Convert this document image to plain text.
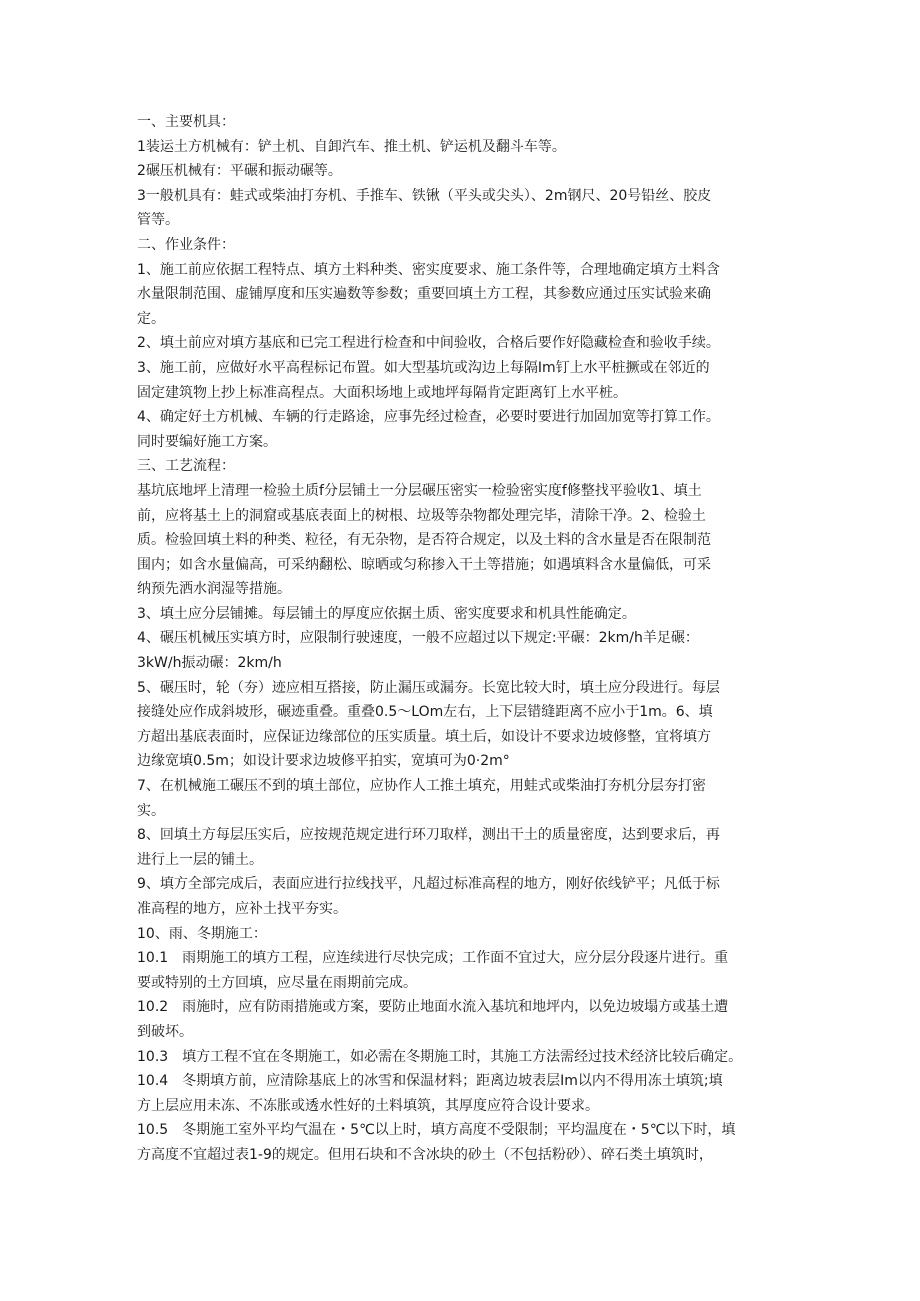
一、主要机具：
1装运土方机械有：铲土机、自卸汽车、推土机、铲运机及翻斗车等。
2碾压机械有：平碾和振动碾等。
3一般机具有：蛙式或柴油打夯机、手推车、铁锹（平头或尖头）、2m钢尺、20号铅丝、胶皮
管等。
二、作业条件：
1、施工前应依据工程特点、填方土料种类、密实度要求、施工条件等，合理地确定填方土料含
水量限制范围、虚铺厚度和压实遍数等参数；重要回填土方工程，其参数应通过压实试验来确
定。
2、填土前应对填方基底和已完工程进行检查和中间验收，合格后要作好隐藏检查和验收手续。
3、施工前，应做好水平高程标记布置。如大型基坑或沟边上每隔Im钉上水平桩撅或在邻近的
固定建筑物上抄上标准高程点。大面积场地上或地坪每隔肯定距离钉上水平桩。
4、确定好土方机械、车辆的行走路途，应事先经过检查，必要时要进行加固加宽等打算工作。
同时要编好施工方案。
三、工艺流程：
基坑底地坪上清理一检验土质f分层铺土一分层碾压密实一检验密实度f修整找平验收1、填土
前，应将基土上的洞窟或基底表面上的树根、垃圾等杂物都处理完毕，清除干净。2、检验土
质。检验回填土料的种类、粒径，有无杂物，是否符合规定，以及土料的含水量是否在限制范
围内；如含水量偏高，可采纳翻松、晾晒或匀称掺入干土等措施；如遇填料含水量偏低，可采
纳预先洒水润湿等措施。
3、填土应分层铺摊。每层铺土的厚度应依据土质、密实度要求和机具性能确定。
4、碾压机械压实填方时，应限制行驶速度，一般不应超过以下规定:平碾：2km∕h羊足碾：
3kW∕h振动碾：2km∕h
5、碾压时，轮（夯）迹应相互搭接，防止漏压或漏夯。长宽比较大时，填土应分段进行。每层
接缝处应作成斜坡形，碾迹重叠。重叠0.5～LOm左右，上下层错缝距离不应小于1m。6、填
方超出基底表面时，应保证边缘部位的压实质量。填土后，如设计不要求边坡修整，宜将填方
边缘宽填0.5m；如设计要求边坡修平拍实，宽填可为0·2m°
7、在机械施工碾压不到的填土部位，应协作人工推土填充，用蛙式或柴油打夯机分层夯打密
实。
8、回填土方每层压实后，应按规范规定进行环刀取样，测出干土的质量密度，达到要求后，再
进行上一层的铺土。
9、填方全部完成后，表面应进行拉线找平，凡超过标准高程的地方，刚好依线铲平；凡低于标
准高程的地方，应补土找平夯实。
10、雨、冬期施工：
10.1　雨期施工的填方工程，应连续进行尽快完成；工作面不宜过大，应分层分段逐片进行。重
要或特别的土方回填，应尽量在雨期前完成。
10.2　雨施时，应有防雨措施或方案，要防止地面水流入基坑和地坪内，以免边坡塌方或基土遭
到破坏。
10.3　填方工程不宜在冬期施工，如必需在冬期施工时，其施工方法需经过技术经济比较后确定。
10.4　冬期填方前，应清除基底上的冰雪和保温材料；距离边坡表层Im以内不得用冻土填筑;填
方上层应用未冻、不冻胀或透水性好的土料填筑，其厚度应符合设计要求。
10.5　冬期施工室外平均气温在・5℃以上时，填方高度不受限制；平均温度在・5℃以下时，填
方高度不宜超过表1-9的规定。但用石块和不含冰块的砂土（不包括粉砂）、碎石类土填筑时，
